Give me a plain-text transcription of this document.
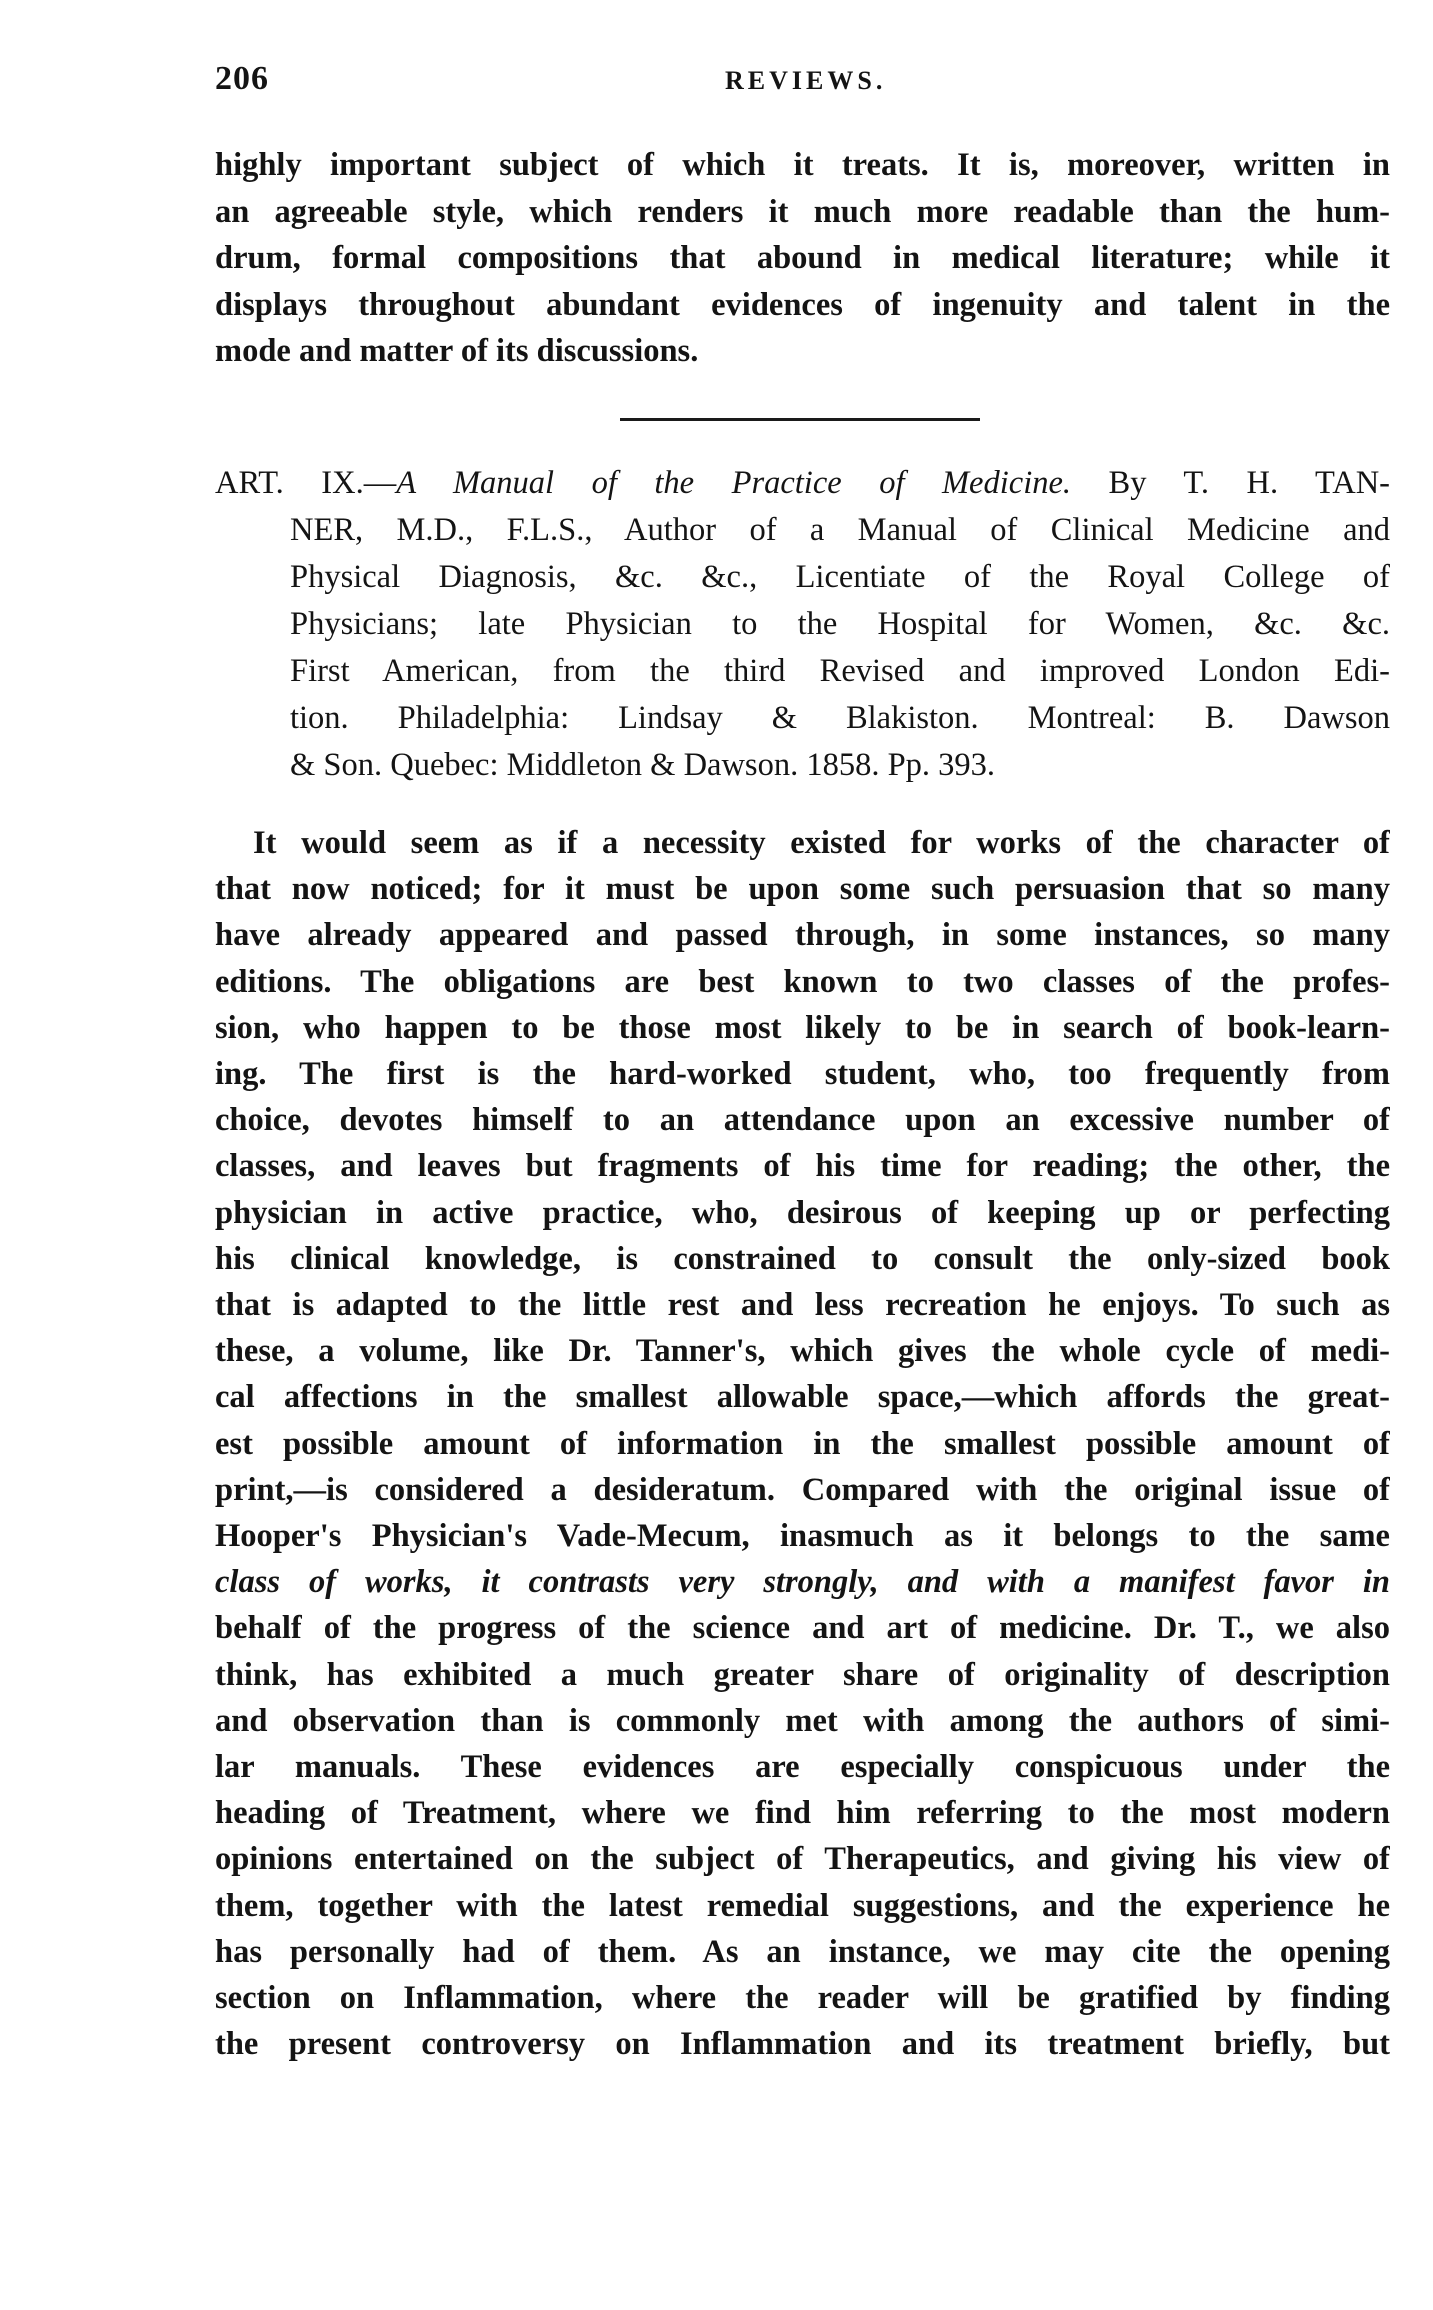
206	REVIEWS.

highly important subject of which it treats. It is, moreover, written in
an agreeable style, which renders it much more readable than the hum-
drum, formal compositions that abound in medical literature; while it
displays throughout abundant evidences of ingenuity and talent in the
mode and matter of its discussions.

ART. IX.—A Manual of the Practice of Medicine. By T. H. TAN-
NER, M.D., F.L.S., Author of a Manual of Clinical Medicine and
Physical Diagnosis, &c. &c., Licentiate of the Royal College of
Physicians; late Physician to the Hospital for Women, &c. &c.
First American, from the third Revised and improved London Edi-
tion. Philadelphia: Lindsay & Blakiston. Montreal: B. Dawson
& Son. Quebec: Middleton & Dawson. 1858. Pp. 393.

It would seem as if a necessity existed for works of the character of
that now noticed; for it must be upon some such persuasion that so many
have already appeared and passed through, in some instances, so many
editions. The obligations are best known to two classes of the profes-
sion, who happen to be those most likely to be in search of book-learn-
ing. The first is the hard-worked student, who, too frequently from
choice, devotes himself to an attendance upon an excessive number of
classes, and leaves but fragments of his time for reading; the other, the
physician in active practice, who, desirous of keeping up or perfecting
his clinical knowledge, is constrained to consult the only-sized book
that is adapted to the little rest and less recreation he enjoys. To such as
these, a volume, like Dr. Tanner's, which gives the whole cycle of medi-
cal affections in the smallest allowable space,—which affords the great-
est possible amount of information in the smallest possible amount of
print,—is considered a desideratum. Compared with the original issue of
Hooper's Physician's Vade-Mecum, inasmuch as it belongs to the same
class of works, it contrasts very strongly, and with a manifest favor in
behalf of the progress of the science and art of medicine. Dr. T., we also
think, has exhibited a much greater share of originality of description
and observation than is commonly met with among the authors of simi-
lar manuals. These evidences are especially conspicuous under the
heading of Treatment, where we find him referring to the most modern
opinions entertained on the subject of Therapeutics, and giving his view of
them, together with the latest remedial suggestions, and the experience he
has personally had of them. As an instance, we may cite the opening
section on Inflammation, where the reader will be gratified by finding
the present controversy on Inflammation and its treatment briefly, but
